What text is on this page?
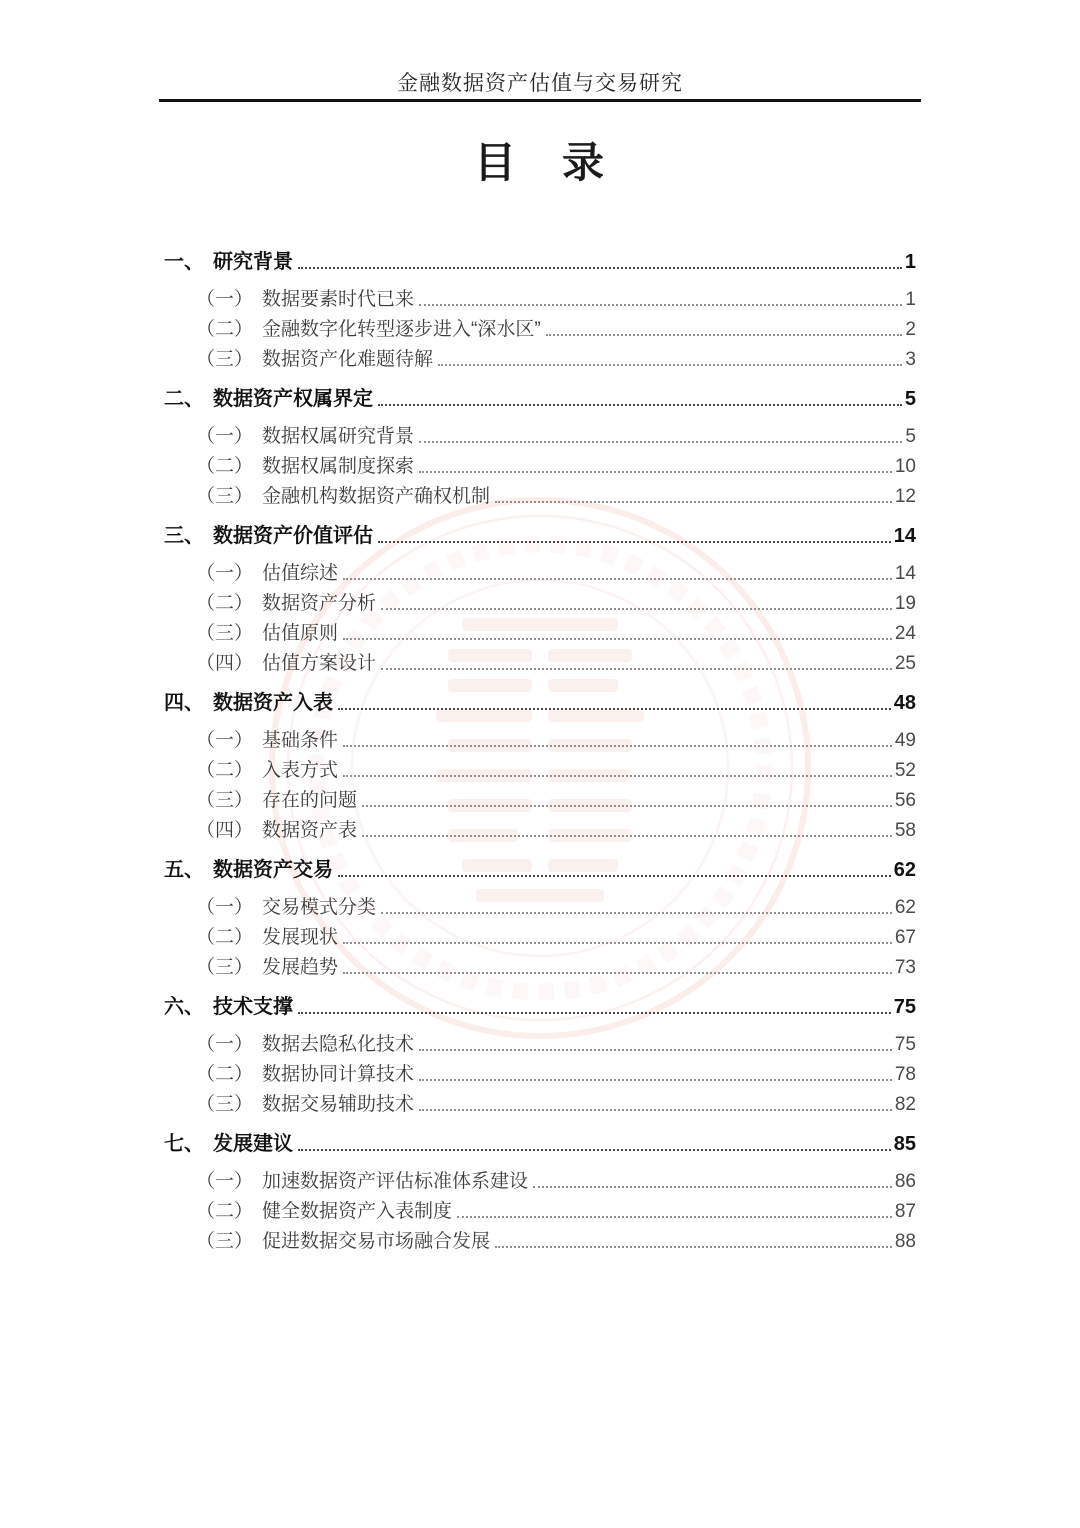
金融数据资产估值与交易研究
目　录
一、 研究背景	1
（一） 数据要素时代已来	1
（二） 金融数字化转型逐步进入“深水区”	2
（三） 数据资产化难题待解	3
二、 数据资产权属界定	5
（一） 数据权属研究背景	5
（二） 数据权属制度探索	10
（三） 金融机构数据资产确权机制	12
三、 数据资产价值评估	14
（一） 估值综述	14
（二） 数据资产分析	19
（三） 估值原则	24
（四） 估值方案设计	25
四、 数据资产入表	48
（一） 基础条件	49
（二） 入表方式	52
（三） 存在的问题	56
（四） 数据资产表	58
五、 数据资产交易	62
（一） 交易模式分类	62
（二） 发展现状	67
（三） 发展趋势	73
六、 技术支撑	75
（一） 数据去隐私化技术	75
（二） 数据协同计算技术	78
（三） 数据交易辅助技术	82
七、 发展建议	85
（一） 加速数据资产评估标准体系建设	86
（二） 健全数据资产入表制度	87
（三） 促进数据交易市场融合发展	88
